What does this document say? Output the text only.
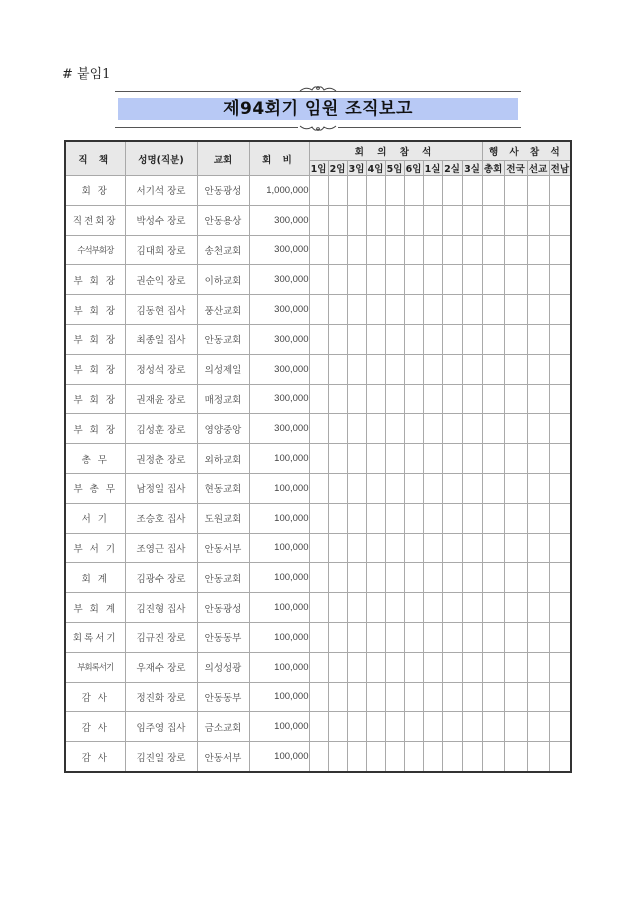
# 붙임1
제94회기 임원 조직보고
직 책	성명(직분)	교회	회 비	회 의 참 석									행 사 참 석			
				1임	2임	3임	4임	5임	6임	1실	2실	3실	총회	전국	선교	전남
회 장	서기석 장로	안동광성	1,000,000													
직전회장	박성수 장로	안동용상	300,000													
수석부회장	김대희 장로	송천교회	300,000													
부 회 장	권순익 장로	이하교회	300,000													
부 회 장	김동현 집사	풍산교회	300,000													
부 회 장	최종일 집사	안동교회	300,000													
부 회 장	정성석 장로	의성제일	300,000													
부 회 장	권재윤 장로	매정교회	300,000													
부 회 장	김성훈 장로	영양중앙	300,000													
총 무	권정춘 장로	외하교회	100,000													
부 총 무	남정일 집사	현동교회	100,000													
서 기	조승호 집사	도원교회	100,000													
부 서 기	조영근 집사	안동서부	100,000													
회 계	김광수 장로	안동교회	100,000													
부 회 계	김진형 집사	안동광성	100,000													
회록서기	김규진 장로	안동동부	100,000													
부회록서기	우재수 장로	의성성광	100,000													
감 사	정진화 장로	안동동부	100,000													
감 사	임주영 집사	금소교회	100,000													
감 사	김진일 장로	안동서부	100,000													
